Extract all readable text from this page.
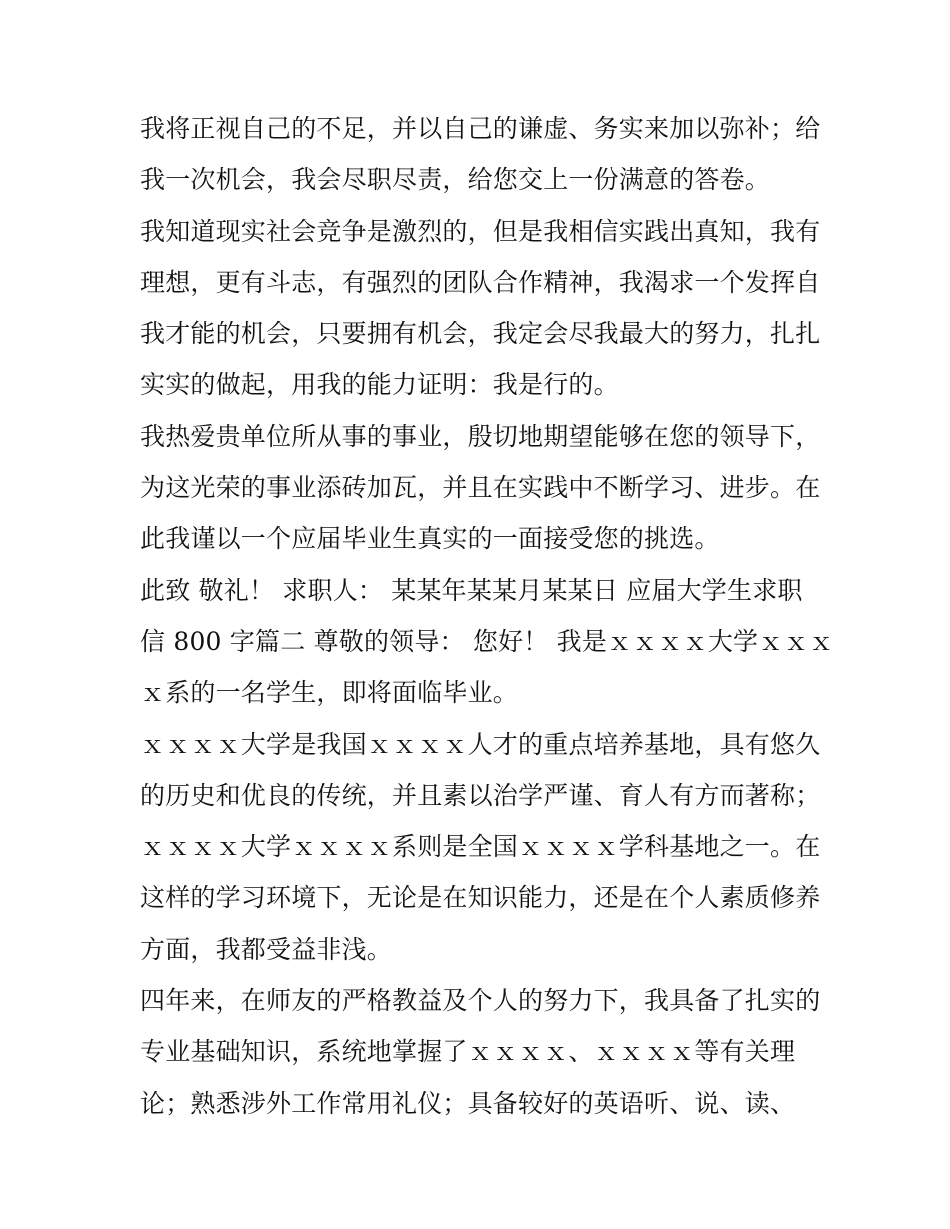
我将正视自己的不足，并以自己的谦虚、务实来加以弥补；给
我一次机会，我会尽职尽责，给您交上一份满意的答卷。
我知道现实社会竞争是激烈的，但是我相信实践出真知，我有
理想，更有斗志，有强烈的团队合作精神，我渴求一个发挥自
我才能的机会，只要拥有机会，我定会尽我最大的努力，扎扎
实实的做起，用我的能力证明：我是行的。
我热爱贵单位所从事的事业，殷切地期望能够在您的领导下，
为这光荣的事业添砖加瓦，并且在实践中不断学习、进步。在
此我谨以一个应届毕业生真实的一面接受您的挑选。
此致 敬礼！ 求职人： 某某年某某月某某日 应届大学生求职
信 800 字篇二 尊敬的领导： 您好！ 我是ｘｘｘｘ大学ｘｘｘ
ｘ系的一名学生，即将面临毕业。
ｘｘｘｘ大学是我国ｘｘｘｘ人才的重点培养基地，具有悠久
的历史和优良的传统，并且素以治学严谨、育人有方而著称；
ｘｘｘｘ大学ｘｘｘｘ系则是全国ｘｘｘｘ学科基地之一。在
这样的学习环境下，无论是在知识能力，还是在个人素质修养
方面，我都受益非浅。
四年来，在师友的严格教益及个人的努力下，我具备了扎实的
专业基础知识，系统地掌握了ｘｘｘｘ、ｘｘｘｘ等有关理
论；熟悉涉外工作常用礼仪；具备较好的英语听、说、读、
